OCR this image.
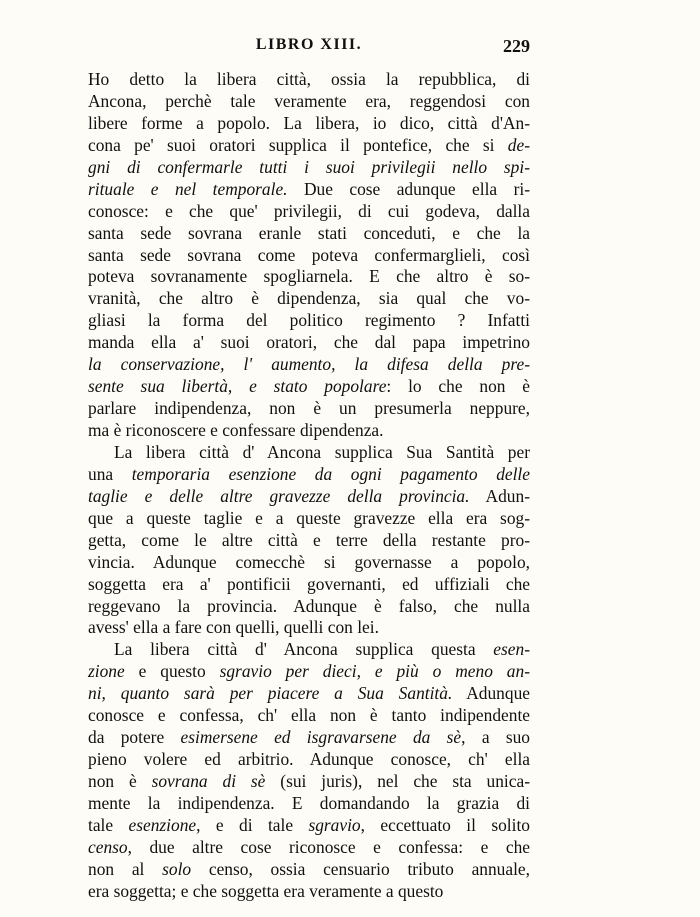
LIBRO XIII.	229
Ho detto la libera città, ossia la repubblica, di
Ancona, perchè tale veramente era, reggendosi con
libere forme a popolo. La libera, io dico, città d'An-
cona pe' suoi oratori supplica il pontefice, che si de-
gni di confermarle tutti i suoi privilegii nello spi-
rituale e nel temporale. Due cose adunque ella ri-
conosce: e che que' privilegii, di cui godeva, dalla
santa sede sovrana eranle stati conceduti, e che la
santa sede sovrana come poteva confermarglieli, così
poteva sovranamente spogliarnela. E che altro è so-
vranità, che altro è dipendenza, sia qual che vo-
gliasi la forma del politico regimento ? Infatti
manda ella a' suoi oratori, che dal papa impetrino
la conservazione, l' aumento, la difesa della pre-
sente sua libertà, e stato popolare: lo che non è
parlare indipendenza, non è un presumerla neppure,
ma è riconoscere e confessare dipendenza.
La libera città d' Ancona supplica Sua Santità per
una temporaria esenzione da ogni pagamento delle
taglie e delle altre gravezze della provincia. Adun-
que a queste taglie e a queste gravezze ella era sog-
getta, come le altre città e terre della restante pro-
vincia. Adunque comecchè si governasse a popolo,
soggetta era a' pontificii governanti, ed uffiziali che
reggevano la provincia. Adunque è falso, che nulla
avess' ella a fare con quelli, quelli con lei.
La libera città d' Ancona supplica questa esen-
zione e questo sgravio per dieci, e più o meno an-
ni, quanto sarà per piacere a Sua Santità. Adunque
conosce e confessa, ch' ella non è tanto indipendente
da potere esimersene ed isgravarsene da sè, a suo
pieno volere ed arbitrio. Adunque conosce, ch' ella
non è sovrana di sè (sui juris), nel che sta unica-
mente la indipendenza. E domandando la grazia di
tale esenzione, e di tale sgravio, eccettuato il solito
censo, due altre cose riconosce e confessa: e che
non al solo censo, ossia censuario tributo annuale,
era soggetta; e che soggetta era veramente a questo
